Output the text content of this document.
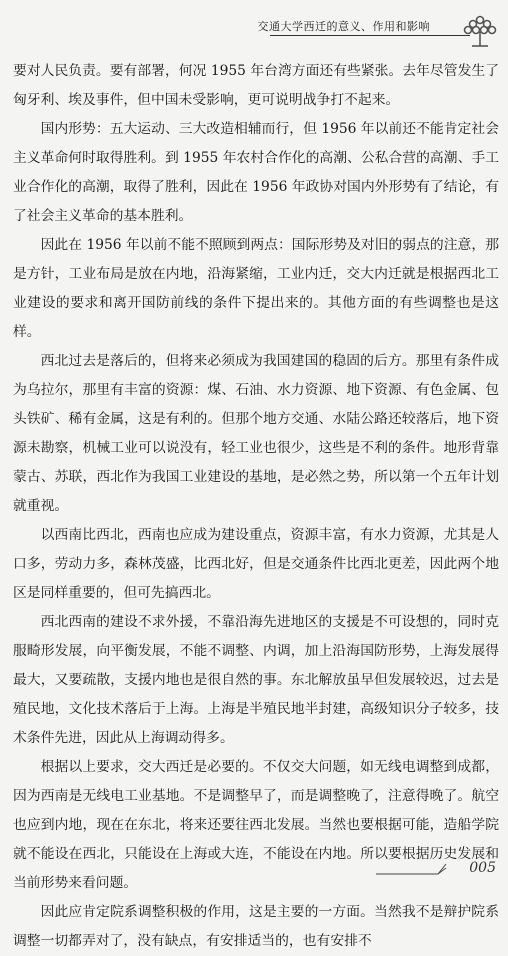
交通大学西迁的意义、作用和影响

要对人民负责。要有部署，何况 1955 年台湾方面还有些紧张。去年尽管发生了匈牙利、埃及事件，但中国未受影响，更可说明战争打不起来。

国内形势：五大运动、三大改造相辅而行，但 1956 年以前还不能肯定社会主义革命何时取得胜利。到 1955 年农村合作化的高潮、公私合营的高潮、手工业合作化的高潮，取得了胜利，因此在 1956 年政协对国内外形势有了结论，有了社会主义革命的基本胜利。

因此在 1956 年以前不能不照顾到两点：国际形势及对旧的弱点的注意，那是方针，工业布局是放在内地，沿海紧缩，工业内迁，交大内迁就是根据西北工业建设的要求和离开国防前线的条件下提出来的。其他方面的有些调整也是这样。

西北过去是落后的，但将来必须成为我国建国的稳固的后方。那里有条件成为乌拉尔，那里有丰富的资源：煤、石油、水力资源、地下资源、有色金属、包头铁矿、稀有金属，这是有利的。但那个地方交通、水陆公路还较落后，地下资源未勘察，机械工业可以说没有，轻工业也很少，这些是不利的条件。地形背靠蒙古、苏联，西北作为我国工业建设的基地，是必然之势，所以第一个五年计划就重视。

以西南比西北，西南也应成为建设重点，资源丰富，有水力资源，尤其是人口多，劳动力多，森林茂盛，比西北好，但是交通条件比西北更差，因此两个地区是同样重要的，但可先搞西北。

西北西南的建设不求外援，不靠沿海先进地区的支援是不可设想的，同时克服畸形发展，向平衡发展，不能不调整、内调，加上沿海国防形势，上海发展得最大，又要疏散，支援内地也是很自然的事。东北解放虽早但发展较迟，过去是殖民地，文化技术落后于上海。上海是半殖民地半封建，高级知识分子较多，技术条件先进，因此从上海调动得多。

根据以上要求，交大西迁是必要的。不仅交大问题，如无线电调整到成都，因为西南是无线电工业基地。不是调整早了，而是调整晚了，注意得晚了。航空也应到内地，现在在东北，将来还要往西北发展。当然也要根据可能，造船学院就不能设在西北，只能设在上海或大连，不能设在内地。所以要根据历史发展和当前形势来看问题。

因此应肯定院系调整积极的作用，这是主要的一方面。当然我不是辩护院系调整一切都弄对了，没有缺点，有安排适当的，也有安排不

005
